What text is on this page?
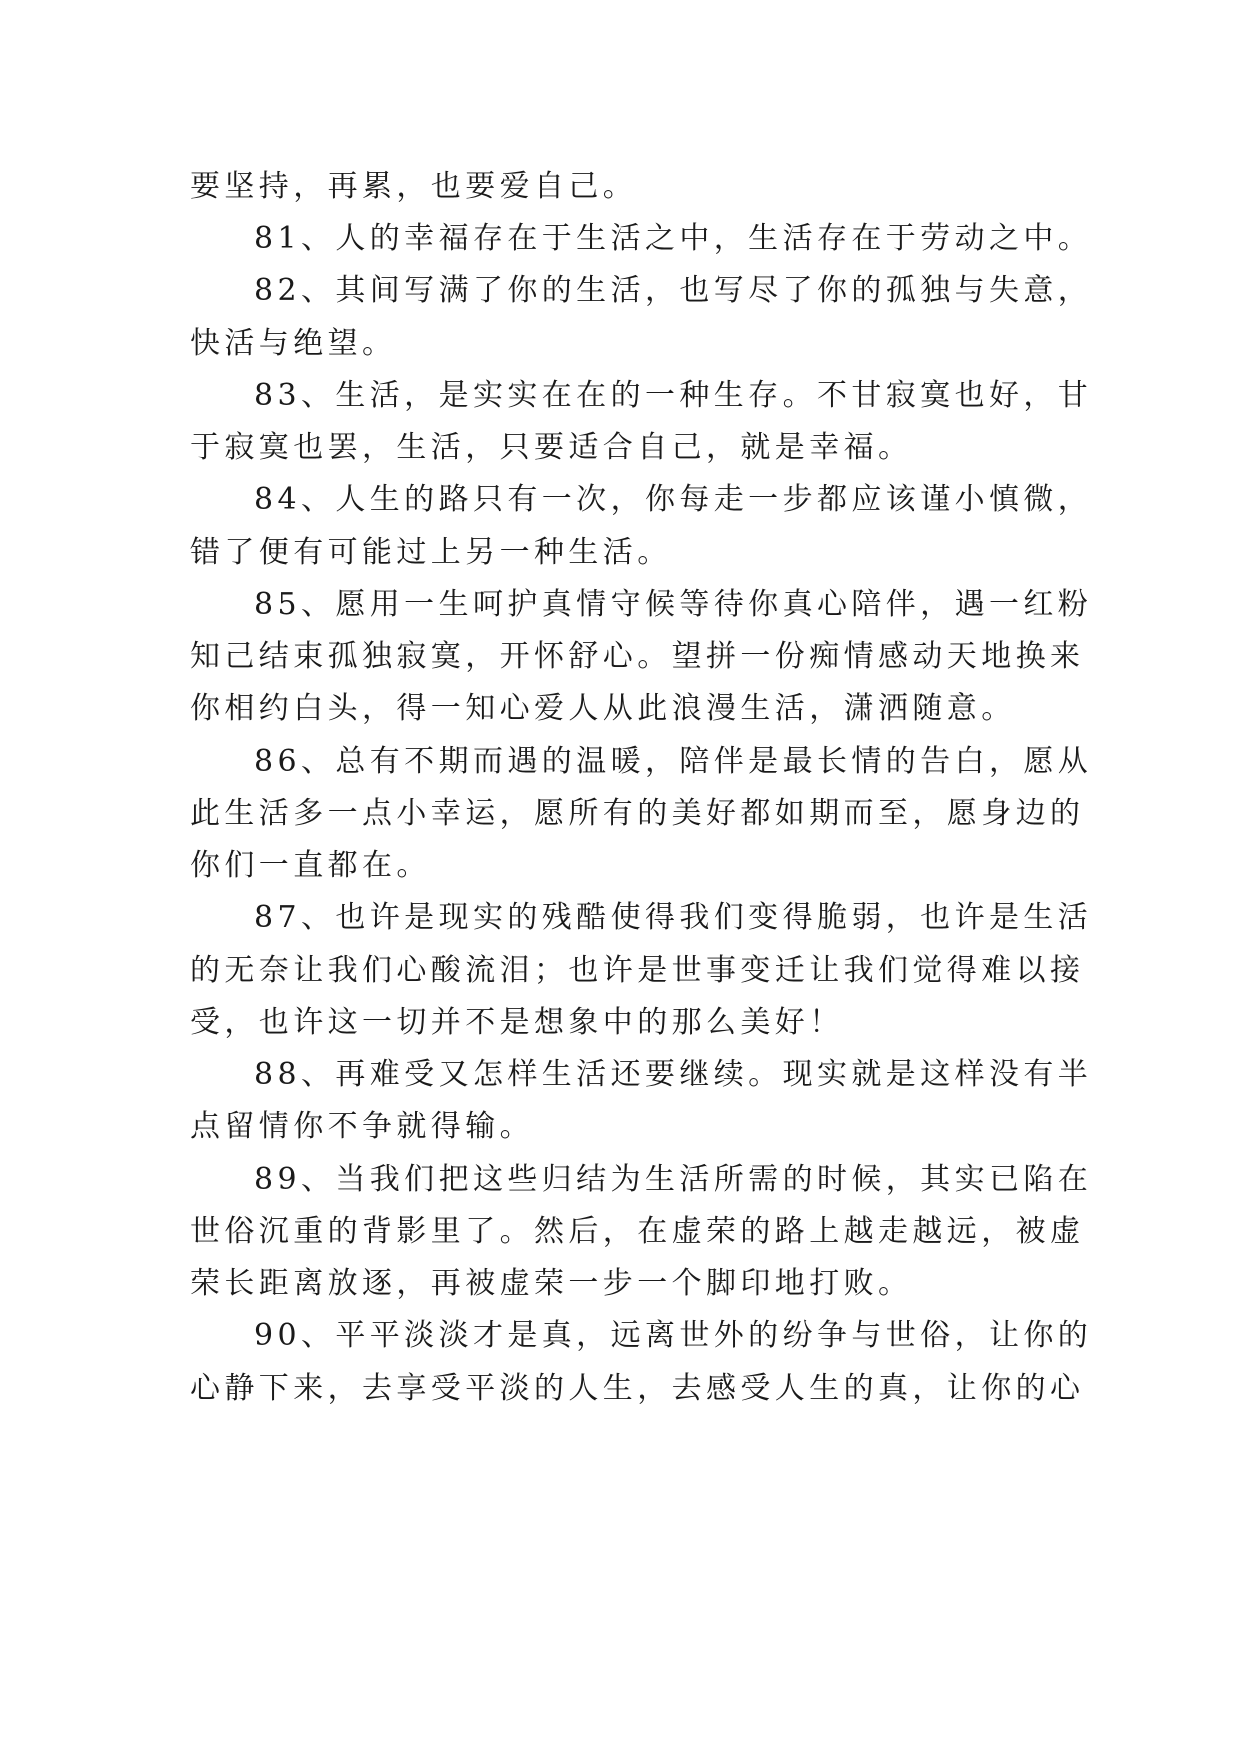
要坚持，再累，也要爱自己。
81、人的幸福存在于生活之中，生活存在于劳动之中。
82、其间写满了你的生活，也写尽了你的孤独与失意，
快活与绝望。
83、生活，是实实在在的一种生存。不甘寂寞也好，甘
于寂寞也罢，生活，只要适合自己，就是幸福。
84、人生的路只有一次，你每走一步都应该谨小慎微，
错了便有可能过上另一种生活。
85、愿用一生呵护真情守候等待你真心陪伴，遇一红粉
知己结束孤独寂寞，开怀舒心。望拼一份痴情感动天地换来
你相约白头，得一知心爱人从此浪漫生活，潇洒随意。
86、总有不期而遇的温暖，陪伴是最长情的告白，愿从
此生活多一点小幸运，愿所有的美好都如期而至，愿身边的
你们一直都在。
87、也许是现实的残酷使得我们变得脆弱，也许是生活
的无奈让我们心酸流泪；也许是世事变迁让我们觉得难以接
受，也许这一切并不是想象中的那么美好！
88、再难受又怎样生活还要继续。现实就是这样没有半
点留情你不争就得输。
89、当我们把这些归结为生活所需的时候，其实已陷在
世俗沉重的背影里了。然后，在虚荣的路上越走越远，被虚
荣长距离放逐，再被虚荣一步一个脚印地打败。
90、平平淡淡才是真，远离世外的纷争与世俗，让你的
心静下来，去享受平淡的人生，去感受人生的真，让你的心
